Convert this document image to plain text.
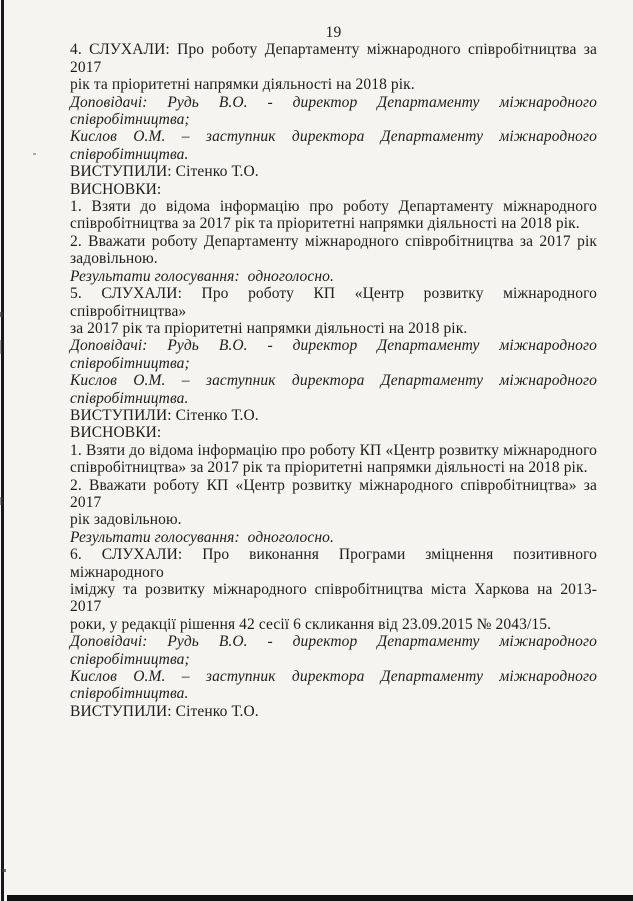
19

4. СЛУХАЛИ: Про роботу Департаменту міжнародного співробітництва за 2017
рік та пріоритетні напрямки діяльності на 2018 рік.

Доповідачі: Рудь В.О. - директор Департаменту міжнародного
співробітництва;
Кислов О.М. – заступник директора Департаменту міжнародного
співробітництва.

ВИСТУПИЛИ: Сітенко Т.О.

ВИСНОВКИ:

1. Взяти до відома інформацію про роботу Департаменту міжнародного
співробітництва за 2017 рік та пріоритетні напрямки діяльності на 2018 рік.
2. Вважати роботу Департаменту міжнародного співробітництва за 2017 рік
задовільною.

Результати голосування:  одноголосно.

5. СЛУХАЛИ: Про роботу КП «Центр розвитку міжнародного співробітництва»
за 2017 рік та пріоритетні напрямки діяльності на 2018 рік.

Доповідачі: Рудь В.О. - директор Департаменту міжнародного
співробітництва;
Кислов О.М. – заступник директора Департаменту міжнародного
співробітництва.

ВИСТУПИЛИ: Сітенко Т.О.

ВИСНОВКИ:

1. Взяти до відома інформацію про роботу КП «Центр розвитку міжнародного
співробітництва» за 2017 рік та пріоритетні напрямки діяльності на 2018 рік.
2. Вважати роботу КП «Центр розвитку міжнародного співробітництва» за 2017
рік задовільною.

Результати голосування:  одноголосно.

6. СЛУХАЛИ: Про виконання Програми зміцнення позитивного міжнародного
іміджу та розвитку міжнародного співробітництва міста Харкова на 2013-2017
роки, у редакції рішення 42 сесії 6 скликання від 23.09.2015 № 2043/15.

Доповідачі: Рудь В.О. - директор Департаменту міжнародного
співробітництва;
Кислов О.М. – заступник директора Департаменту міжнародного
співробітництва.

ВИСТУПИЛИ: Сітенко Т.О.
